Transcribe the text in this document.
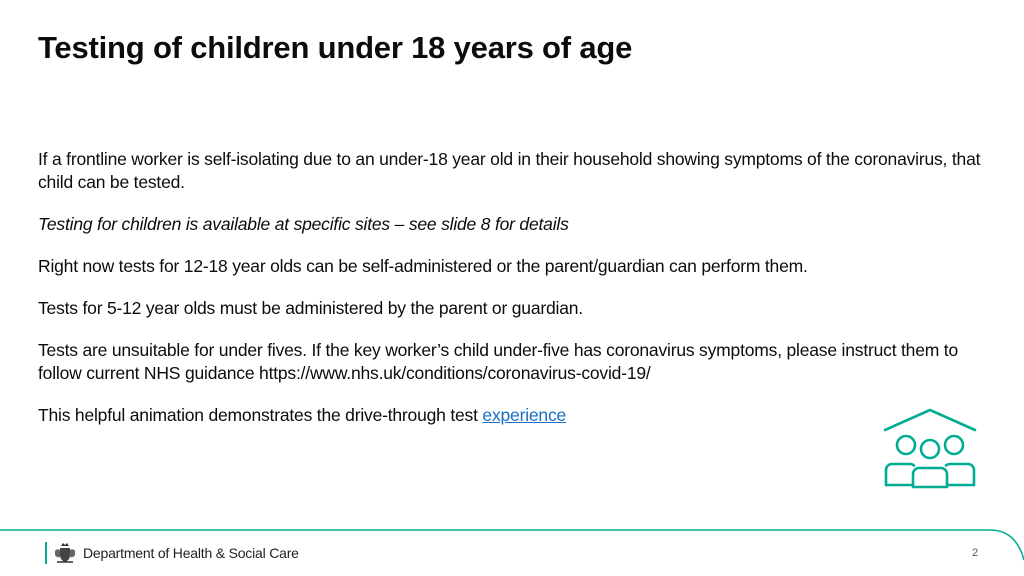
Testing of children under 18 years of age

If a frontline worker is self-isolating due to an under-18 year old in their household showing symptoms of the coronavirus, that child can be tested.

Testing for children is available at specific sites – see slide 8 for details

Right now tests for 12-18 year olds can be self-administered or the parent/guardian can perform them.

Tests for 5-12 year olds must be administered by the parent or guardian.

Tests are unsuitable for under fives. If the key worker’s child under-five has coronavirus symptoms, please instruct them to follow current NHS guidance https://www.nhs.uk/conditions/coronavirus-covid-19/

This helpful animation demonstrates the drive-through test experience

Department of Health & Social Care	2
